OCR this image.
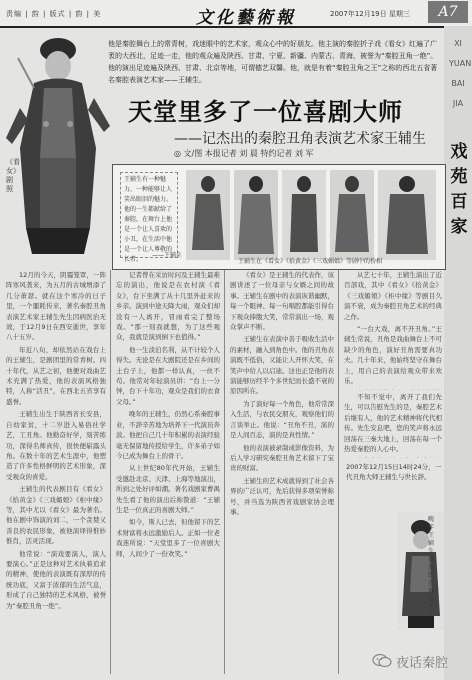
责编 | 韵 | 版式 | 韵 | 美	文化藝術報	2007年12月19日 星期三	A7
XI
YUAN
BAI
JIA
戏
苑
百
家
《看女》剧照
他是秦腔舞台上的常青树，戏迷眼中的艺术家，观众心中的好朋友。他主演的秦腔折子戏《看女》红遍了广袤的大西北，足迹一走，他的观众遍及陕西、甘肃、宁夏、新疆、内蒙古、青海，被誉为“秦腔丑角一绝”。他的演出足迹遍及陕西、甘肃、北京等地，可谓德艺双馨。他，就是有着“秦腔丑角之王”之称的西北五省著名秦腔表演艺术家——王辅生。
天堂里多了一位喜剧大师
——记杰出的秦腔丑角表演艺术家王辅生
◎ 文/图 本报记者 刘 晨 特约记者 刘 军
王辅生有一种魅力，一种能够让人笑出眼泪的魅力。他的一生都献给了秦腔，在舞台上他是一个让人喜欢的小丑，在生活中他是一个让人尊敬的长者。
——王辅生
王辅生在《看女》《拾黄金》《三戏媚娘》等剧中的扮相

12月的今天，阴霾笼罩，一阵阵寒风袭来，为五月的古城增添了几分萧瑟。就在这个寒冷的日子里，一个噩耗传来，著名秦腔丑角表演艺术家王辅生先生因病医治无效，于12月9日在西安逝世，享年八十五岁。

年近八旬，却依然站在戏台上的王辅生，是剧团里的常青树。四十年代，从艺之初，他便对戏曲艺术充满了热爱，他的表演风格独特，人称“活丑”，在西北五省享有盛誉。

王辅生出生于陕西省长安县，自幼家贫，十二岁进入易俗社学艺，工丑角。他勤奋好学，刻苦练功，深得名师真传，很快便崭露头角。在数十年的艺术生涯中，他塑造了许多性格鲜明的艺术形象，深受观众的喜爱。

王辅生的代表剧目有《看女》《拾黄金》《三戏媚娘》《柜中缘》等，其中尤以《看女》最为著名。他在剧中饰演的刘二，一个贪婪又善良的农民形象，被他演绎得惟妙惟肖，活灵活现。

他常说：“演戏要演人，演人要演心。”正是这种对艺术执着追求的精神，使他的表演既有深厚的传统功底，又富于浓郁的生活气息，形成了自己独特的艺术风格，被誉为“秦腔丑角一绝”。

记者曾在采访时问及王辅生最难忘的演出，他说是在农村演《看女》，台下坐满了从十几里外赶来的乡亲。演到中途天降大雨，观众们却没有一人离开，冒雨看完了整场戏。“那一刻我就想，为了这些观众，我就是演到倒下也值得。”

他一生淡泊名利，从不计较个人得失。无论是在大剧院还是在乡间的土台子上，他都一样认真，一丝不苟。他常对年轻演员讲：“台上一分钟，台下十年功，观众是我们的衣食父母。”

晚年的王辅生，仍然心系秦腔事业，不辞辛苦地为培养下一代演员奔波。他把自己几十年积累的表演经验毫无保留地传授给学生，许多弟子如今已成为舞台上的骨干。

从上世纪80年代开始，王辅生受邀赴北京、天津、上海等地演出，所到之处好评如潮。著名戏剧家曹禺先生看了他的演出后称赞道：“王辅生是一位真正的喜剧大师。”

如今，斯人已去，但他留下的艺术财富将永远激励后人。正如一位老戏迷所说：“天堂里多了一位喜剧大师，人间少了一份欢笑。”

《看女》是王辅生的代表作，该剧讲述了一位母亲与女婿之间的故事。王辅生在剧中的表演诙谐幽默，每一个眼神、每一句唱腔都能引得台下观众捧腹大笑，常常演出一场，观众掌声不断。

王辅生在表演中善于吸收生活中的素材，融入到角色中。他的丑角表演既不低俗，又能让人开怀大笑，在笑声中给人以启迪。这也正是他的表演能够历经半个多世纪而长盛不衰的原因所在。

为了演好每一个角色，他常常深入生活，与农民交朋友，观察他们的言谈举止。他说：“丑角不丑，演的是人间百态，演的是真性情。”

他的表演被录制成影像资料，为后人学习研究秦腔丑角艺术留下了宝贵的财富。

王辅生的艺术成就得到了社会各界的广泛认可，先后获得多项荣誉称号，并当选为陕西省戏剧家协会理事。

从艺七十年，王辅生演出了近百部戏，其中《看女》《拾黄金》《三戏媚娘》《柜中缘》等剧目久演不衰，成为秦腔丑角艺术的经典之作。

“一台大戏，离不开丑角。”王辅生常说，丑角是戏曲舞台上不可缺少的角色，演好丑角需要真功夫。几十年来，他始终坚守在舞台上，用自己的表演给观众带来欢乐。

不知不觉中，离开了我们先生，可以告慰先生的是，秦腔艺术后继有人，他的艺术精神将代代相传。先生安息吧，您的笑声将永远回荡在三秦大地上，回荡在每一个热爱秦腔的人心中。

2007年12月15日14时24分，一代丑角大师王辅生与世长辞。
晚年王辅生仍活跃在舞台上
夜话秦腔
